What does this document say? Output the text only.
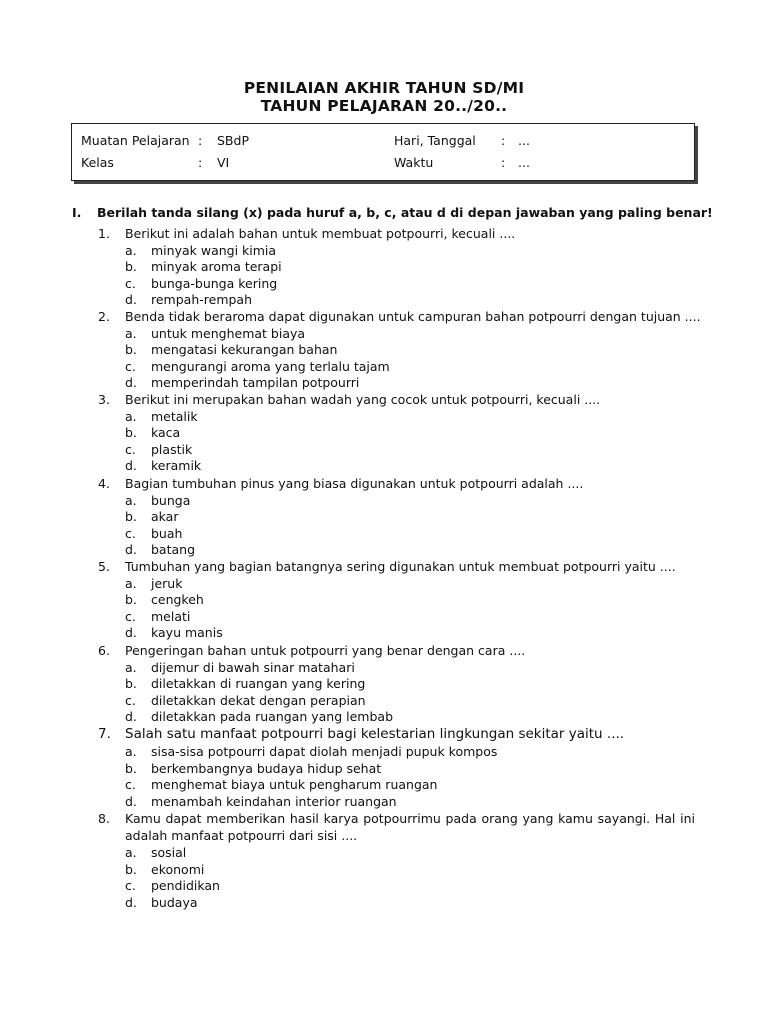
PENILAIAN AKHIR TAHUN SD/MI
TAHUN PELAJARAN 20../20..
Muatan Pelajaran : SBdP
Kelas	: VI
Hari, Tanggal : ...
Waktu	: ...
I. Berilah tanda silang (x) pada huruf a, b, c, atau d di depan jawaban yang paling benar!
1. Berikut ini adalah bahan untuk membuat potpourri, kecuali ....
a. minyak wangi kimia
b. minyak aroma terapi
c. bunga-bunga kering
d. rempah-rempah
2. Benda tidak beraroma dapat digunakan untuk campuran bahan potpourri dengan tujuan ....
a. untuk menghemat biaya
b. mengatasi kekurangan bahan
c. mengurangi aroma yang terlalu tajam
d. memperindah tampilan potpourri
3. Berikut ini merupakan bahan wadah yang cocok untuk potpourri, kecuali ....
a. metalik
b. kaca
c. plastik
d. keramik
4. Bagian tumbuhan pinus yang biasa digunakan untuk potpourri adalah ....
a. bunga
b. akar
c. buah
d. batang
5. Tumbuhan yang bagian batangnya sering digunakan untuk membuat potpourri yaitu ....
a. jeruk
b. cengkeh
c. melati
d. kayu manis
6. Pengeringan bahan untuk potpourri yang benar dengan cara ....
a. dijemur di bawah sinar matahari
b. diletakkan di ruangan yang kering
c. diletakkan dekat dengan perapian
d. diletakkan pada ruangan yang lembab
7. Salah satu manfaat potpourri bagi kelestarian lingkungan sekitar yaitu ....
a. sisa-sisa potpourri dapat diolah menjadi pupuk kompos
b. berkembangnya budaya hidup sehat
c. menghemat biaya untuk pengharum ruangan
d. menambah keindahan interior ruangan
8. Kamu dapat memberikan hasil karya potpourrimu pada orang yang kamu sayangi. Hal ini adalah manfaat potpourri dari sisi ....
a. sosial
b. ekonomi
c. pendidikan
d. budaya
